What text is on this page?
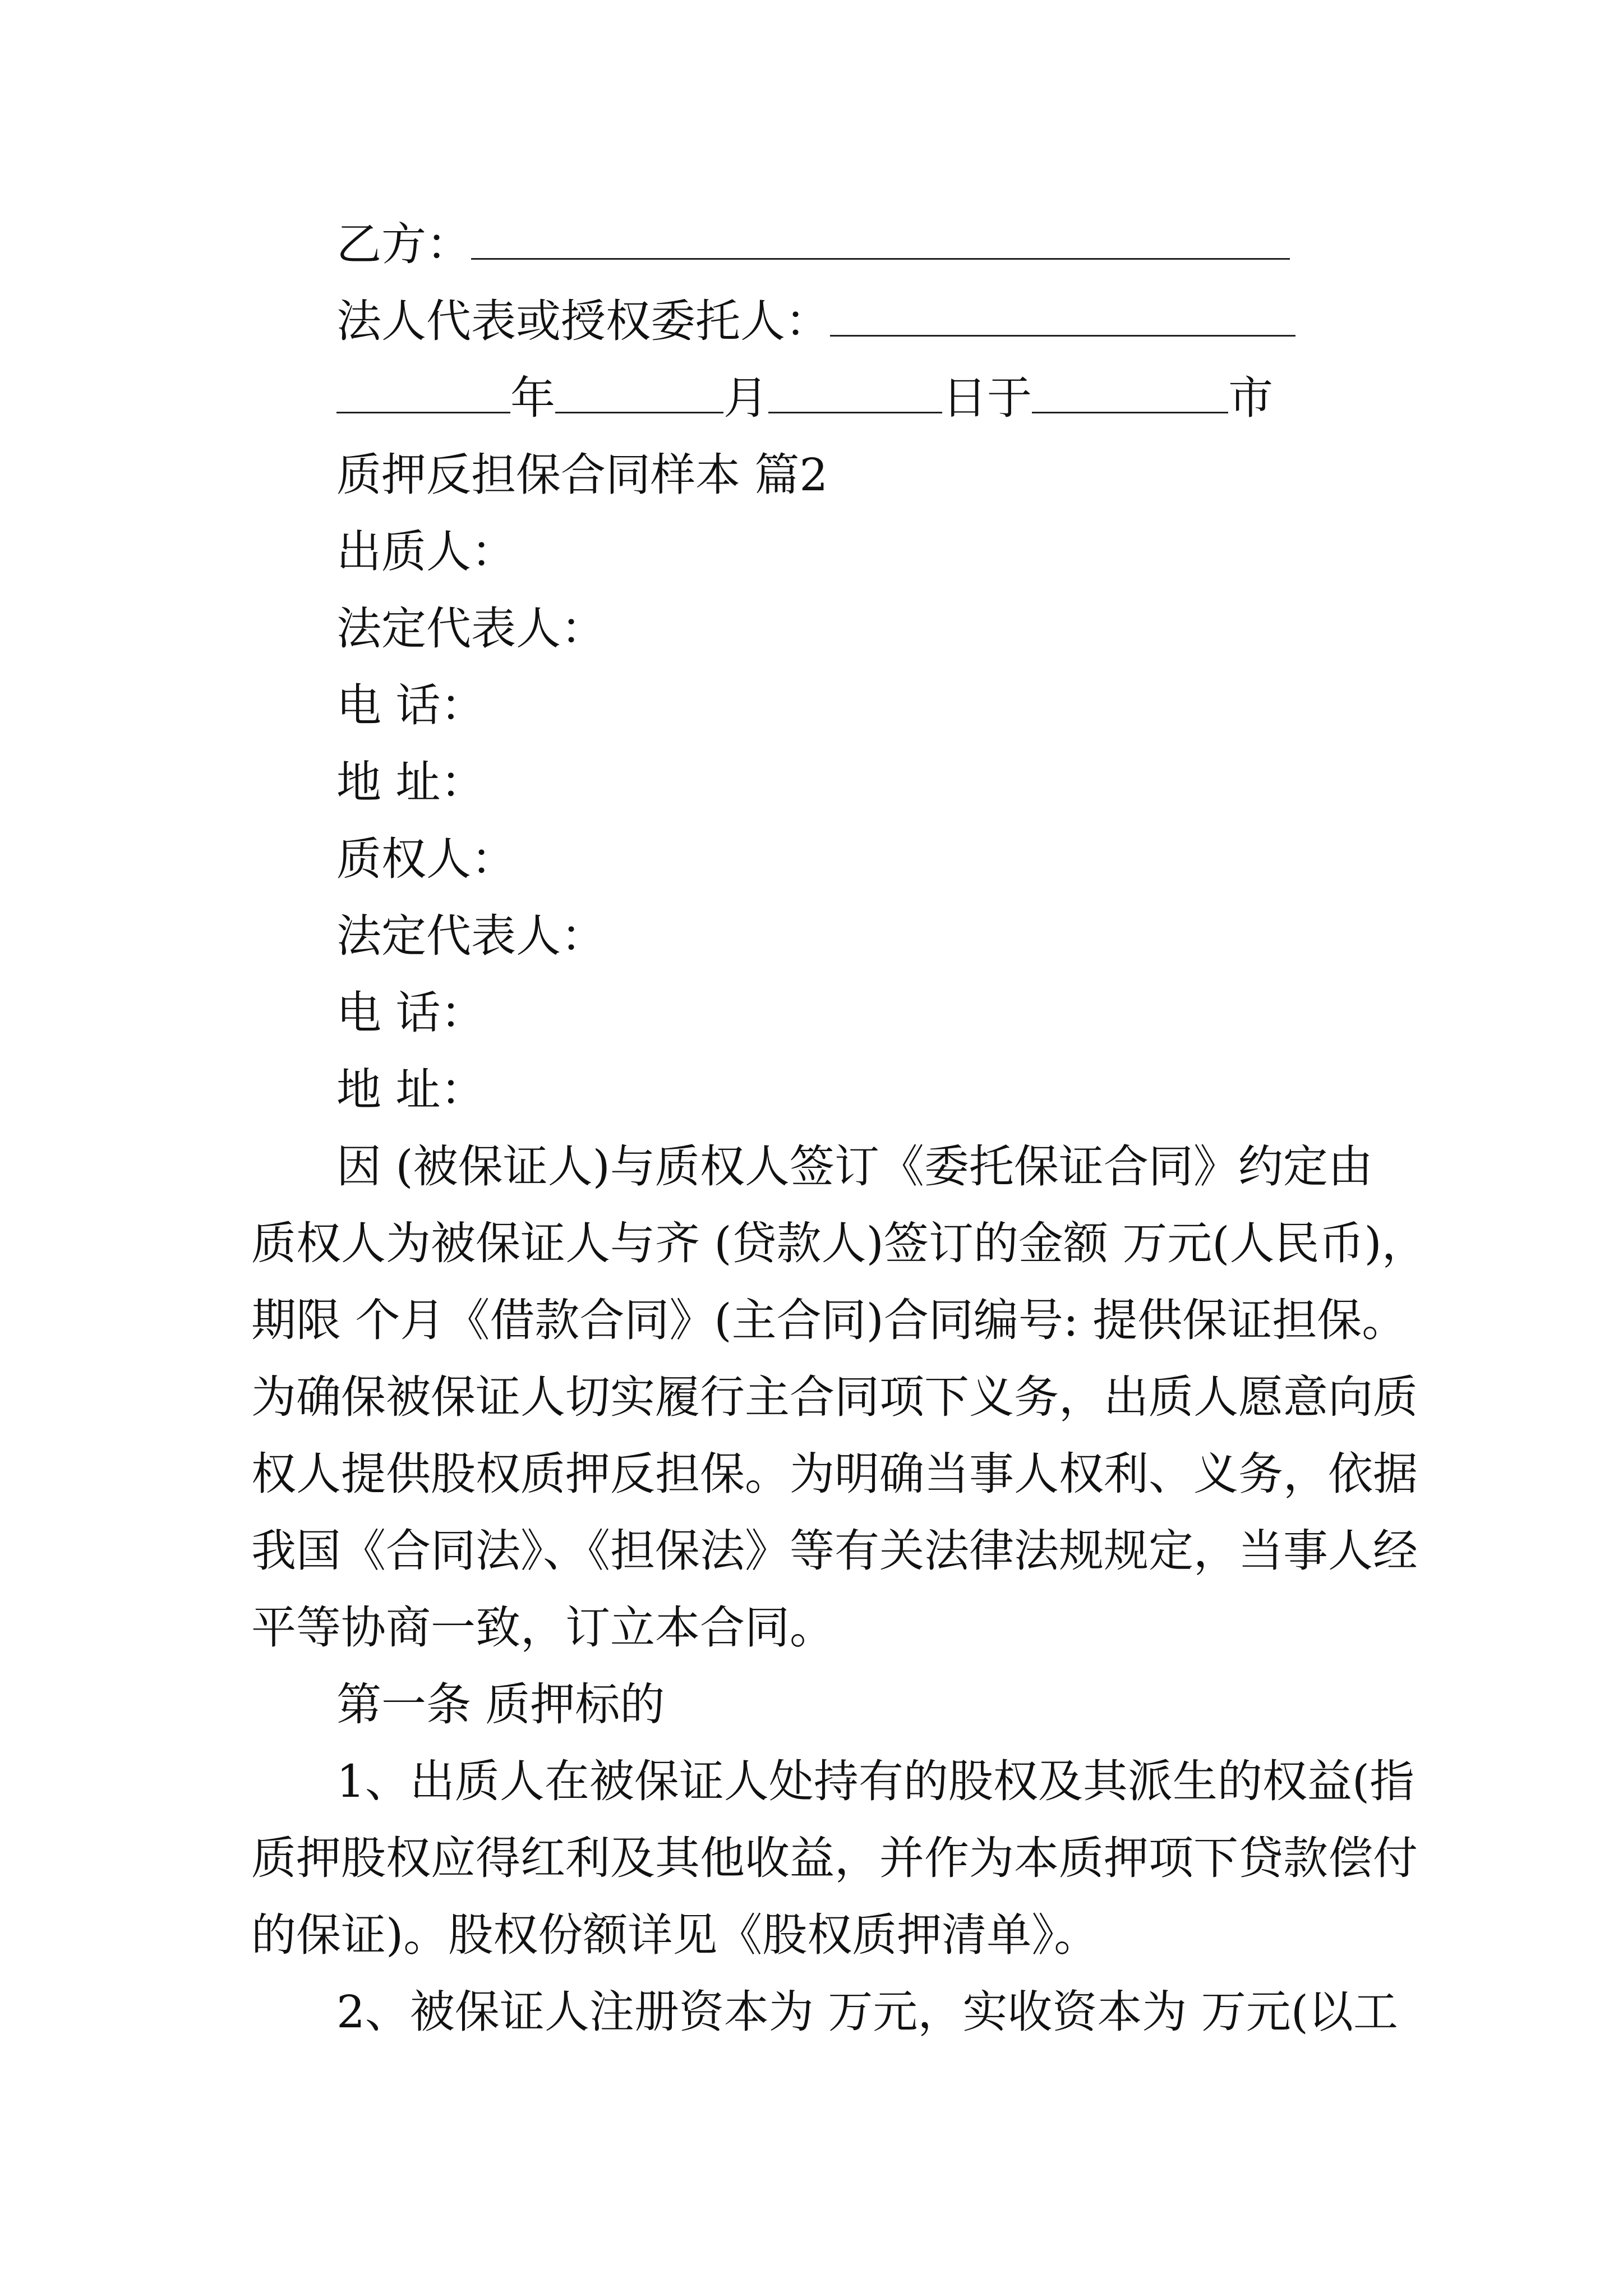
乙方：
法人代表或授权委托人：
年	月	日于	市
质押反担保合同样本 篇2
出质人：
法定代表人：
电 话：
地 址：
质权人：
法定代表人：
电 话：
地 址：
因 (被保证人)与质权人签订《委托保证合同》约定由
质权人为被保证人与齐 (贷款人)签订的金额 万元(人民币)，
期限 个月《借款合同》(主合同)合同编号: 提供保证担保。
为确保被保证人切实履行主合同项下义务，出质人愿意向质
权人提供股权质押反担保。为明确当事人权利、义务，依据
我国《合同法》、《担保法》等有关法律法规规定，当事人经
平等协商一致，订立本合同。
第一条 质押标的
1、出质人在被保证人处持有的股权及其派生的权益(指
质押股权应得红利及其他收益，并作为本质押项下贷款偿付
的保证)。股权份额详见《股权质押清单》。
2、被保证人注册资本为 万元，实收资本为 万元(以工
